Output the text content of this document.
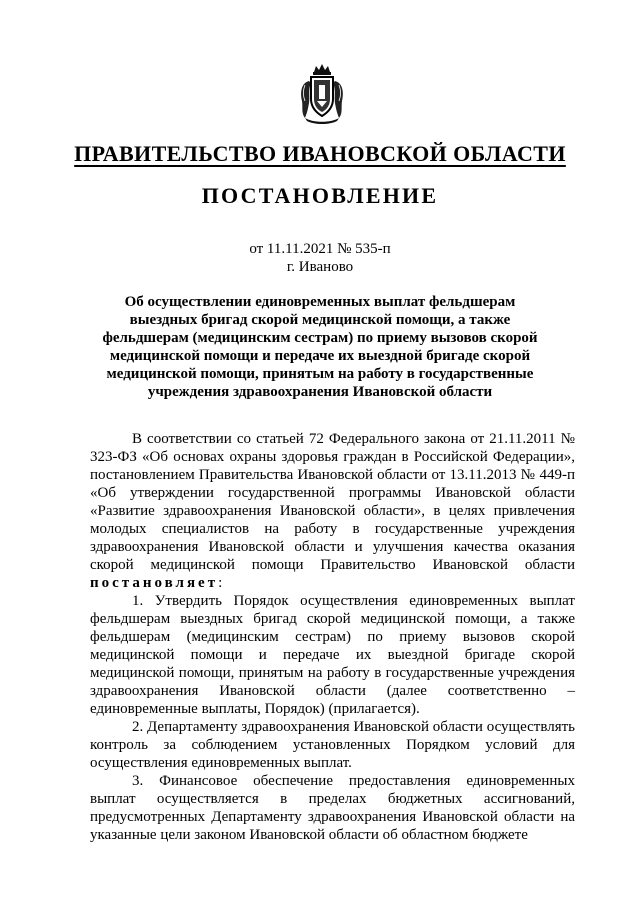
ПРАВИТЕЛЬСТВО ИВАНОВСКОЙ ОБЛАСТИ
ПОСТАНОВЛЕНИЕ

от 11.11.2021 № 535-п

г. Иваново

Об осуществлении единовременных выплат фельдшерам выездных бригад скорой медицинской помощи, а также фельдшерам (медицинским сестрам) по приему вызовов скорой медицинской помощи и передаче их выездной бригаде скорой медицинской помощи, принятым на работу в государственные учреждения здравоохранения Ивановской области

В соответствии со статьей 72 Федерального закона от 21.11.2011 № 323-ФЗ «Об основах охраны здоровья граждан в Российской Федерации», постановлением Правительства Ивановской области от 13.11.2013 № 449-п «Об утверждении государственной программы Ивановской области «Развитие здравоохранения Ивановской области», в целях привлечения молодых специалистов на работу в государственные учреждения здравоохранения Ивановской области и улучшения качества оказания скорой медицинской помощи Правительство Ивановской области постановляет:

1. Утвердить Порядок осуществления единовременных выплат фельдшерам выездных бригад скорой медицинской помощи, а также фельдшерам (медицинским сестрам) по приему вызовов скорой медицинской помощи и передаче их выездной бригаде скорой медицинской помощи, принятым на работу в государственные учреждения здравоохранения Ивановской области (далее соответственно – единовременные выплаты, Порядок) (прилагается).

2. Департаменту здравоохранения Ивановской области осуществлять контроль за соблюдением установленных Порядком условий для осуществления единовременных выплат.

3. Финансовое обеспечение предоставления единовременных выплат осуществляется в пределах бюджетных ассигнований, предусмотренных Департаменту здравоохранения Ивановской области на указанные цели законом Ивановской области об областном бюджете
